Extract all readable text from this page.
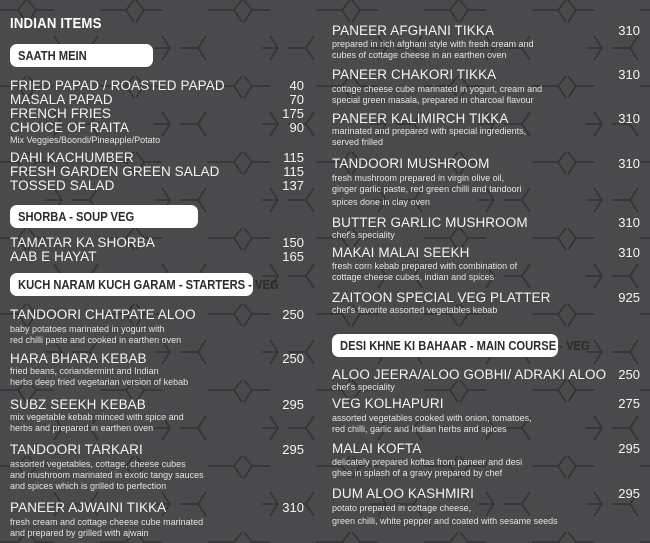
INDIAN ITEMS
SAATH MEIN
FRIED PAPAD / ROASTED PAPAD	40
MASALA PAPAD	70
FRENCH FRIES	175
CHOICE OF RAITA	90
Mix Veggies/Boondi/Pineapple/Potato
DAHI KACHUMBER	115
FRESH GARDEN GREEN SALAD	115
TOSSED SALAD	137
SHORBA - SOUP VEG
TAMATAR KA SHORBA	150
AAB E HAYAT	165
KUCH NARAM KUCH GARAM - STARTERS - VEG
TANDOORI CHATPATE ALOO	250
baby potatoes marinated in yogurt with
red chilli paste and cooked in earthen oven
HARA BHARA KEBAB	250
fried beans, coriandermint and Indian
herbs deep fried vegetarian version of kebab
SUBZ SEEKH KEBAB	295
mix vegetable kebab minced with spice and
herbs and prepared in earthen oven
TANDOORI TARKARI	295
assorted vegetables, cottage, cheese cubes
and mushroom marinated in exotic tangy sauces
and spices which is grilled to perfection
PANEER AJWAINI TIKKA	310
fresh cream and cottage cheese cube marinated
and prepared by grilled with ajwain
PANEER AFGHANI TIKKA	310
prepared in rich afghani style with fresh cream and
cubes of cottage cheese in an earthen oven
PANEER CHAKORI TIKKA	310
cottage cheese cube marinated in yogurt, cream and
special green masala, prepared in charcoal flavour
PANEER KALIMIRCH TIKKA	310
marinated and prepared with special ingredients,
served frilled
TANDOORI MUSHROOM	310
fresh mushroom prepared in virgin olive oil,
ginger garlic paste, red green chilli and tandoori
spices done in clay oven
BUTTER GARLIC MUSHROOM	310
chef's speciality
MAKAI MALAI SEEKH	310
fresh corn kebab prepared with combination of
cottage cheese cubes, indian and spices
ZAITOON SPECIAL VEG PLATTER	925
chef's favorite assorted vegetables kebab
DESI KHNE KI BAHAAR - MAIN COURSE - VEG
ALOO JEERA/ALOO GOBHI/ ADRAKI ALOO 250
chef's speciality
VEG KOLHAPURI	275
assorted vegetables cooked with onion, tomatoes,
red chilli, garlic and Indian herbs and spices
MALAI KOFTA	295
delicately prepared koftas from paneer and desi
ghee in splash of a gravy prepared by chef
DUM ALOO KASHMIRI	295
potato prepared in cottage cheese,
green chilli, white pepper and coated with sesame seeds
